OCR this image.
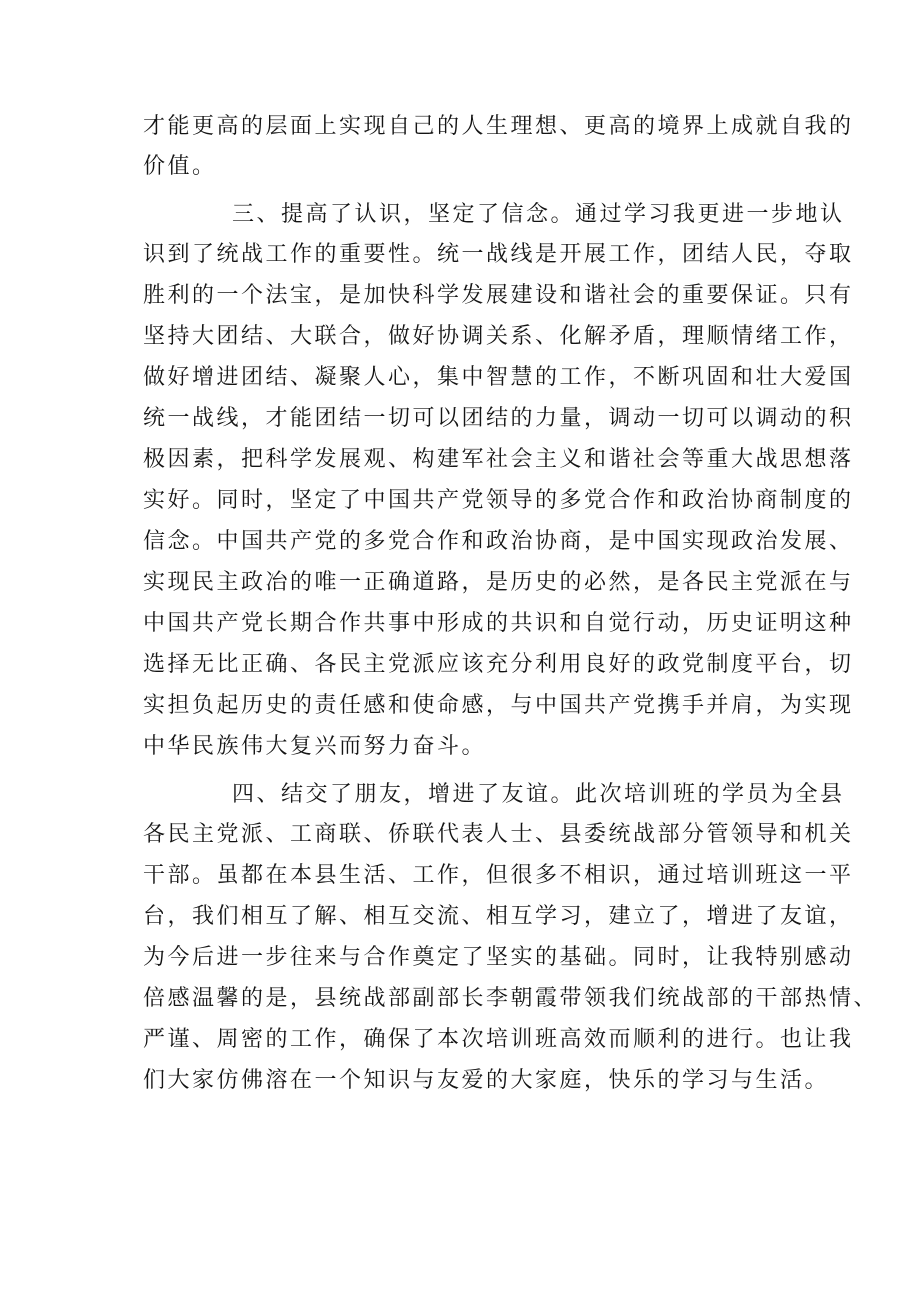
才能更高的层面上实现自己的人生理想、更高的境界上成就自我的
价值。
三、提高了认识，坚定了信念。通过学习我更进一步地认
识到了统战工作的重要性。统一战线是开展工作，团结人民，夺取
胜利的一个法宝，是加快科学发展建设和谐社会的重要保证。只有
坚持大团结、大联合，做好协调关系、化解矛盾，理顺情绪工作，
做好增进团结、凝聚人心，集中智慧的工作，不断巩固和壮大爱国
统一战线，才能团结一切可以团结的力量，调动一切可以调动的积
极因素，把科学发展观、构建军社会主义和谐社会等重大战思想落
实好。同时，坚定了中国共产党领导的多党合作和政治协商制度的
信念。中国共产党的多党合作和政治协商，是中国实现政治发展、
实现民主政冶的唯一正确道路，是历史的必然，是各民主党派在与
中国共产党长期合作共事中形成的共识和自觉行动，历史证明这种
选择无比正确、各民主党派应该充分利用良好的政党制度平台，切
实担负起历史的责任感和使命感，与中国共产党携手并肩，为实现
中华民族伟大复兴而努力奋斗。
四、结交了朋友，增进了友谊。此次培训班的学员为全县
各民主党派、工商联、侨联代表人士、县委统战部分管领导和机关
干部。虽都在本县生活、工作，但很多不相识，通过培训班这一平
台，我们相互了解、相互交流、相互学习，建立了，增进了友谊，
为今后进一步往来与合作奠定了坚实的基础。同时，让我特别感动
倍感温馨的是，县统战部副部长李朝霞带领我们统战部的干部热情、
严谨、周密的工作，确保了本次培训班高效而顺利的进行。也让我
们大家仿佛溶在一个知识与友爱的大家庭，快乐的学习与生活。
